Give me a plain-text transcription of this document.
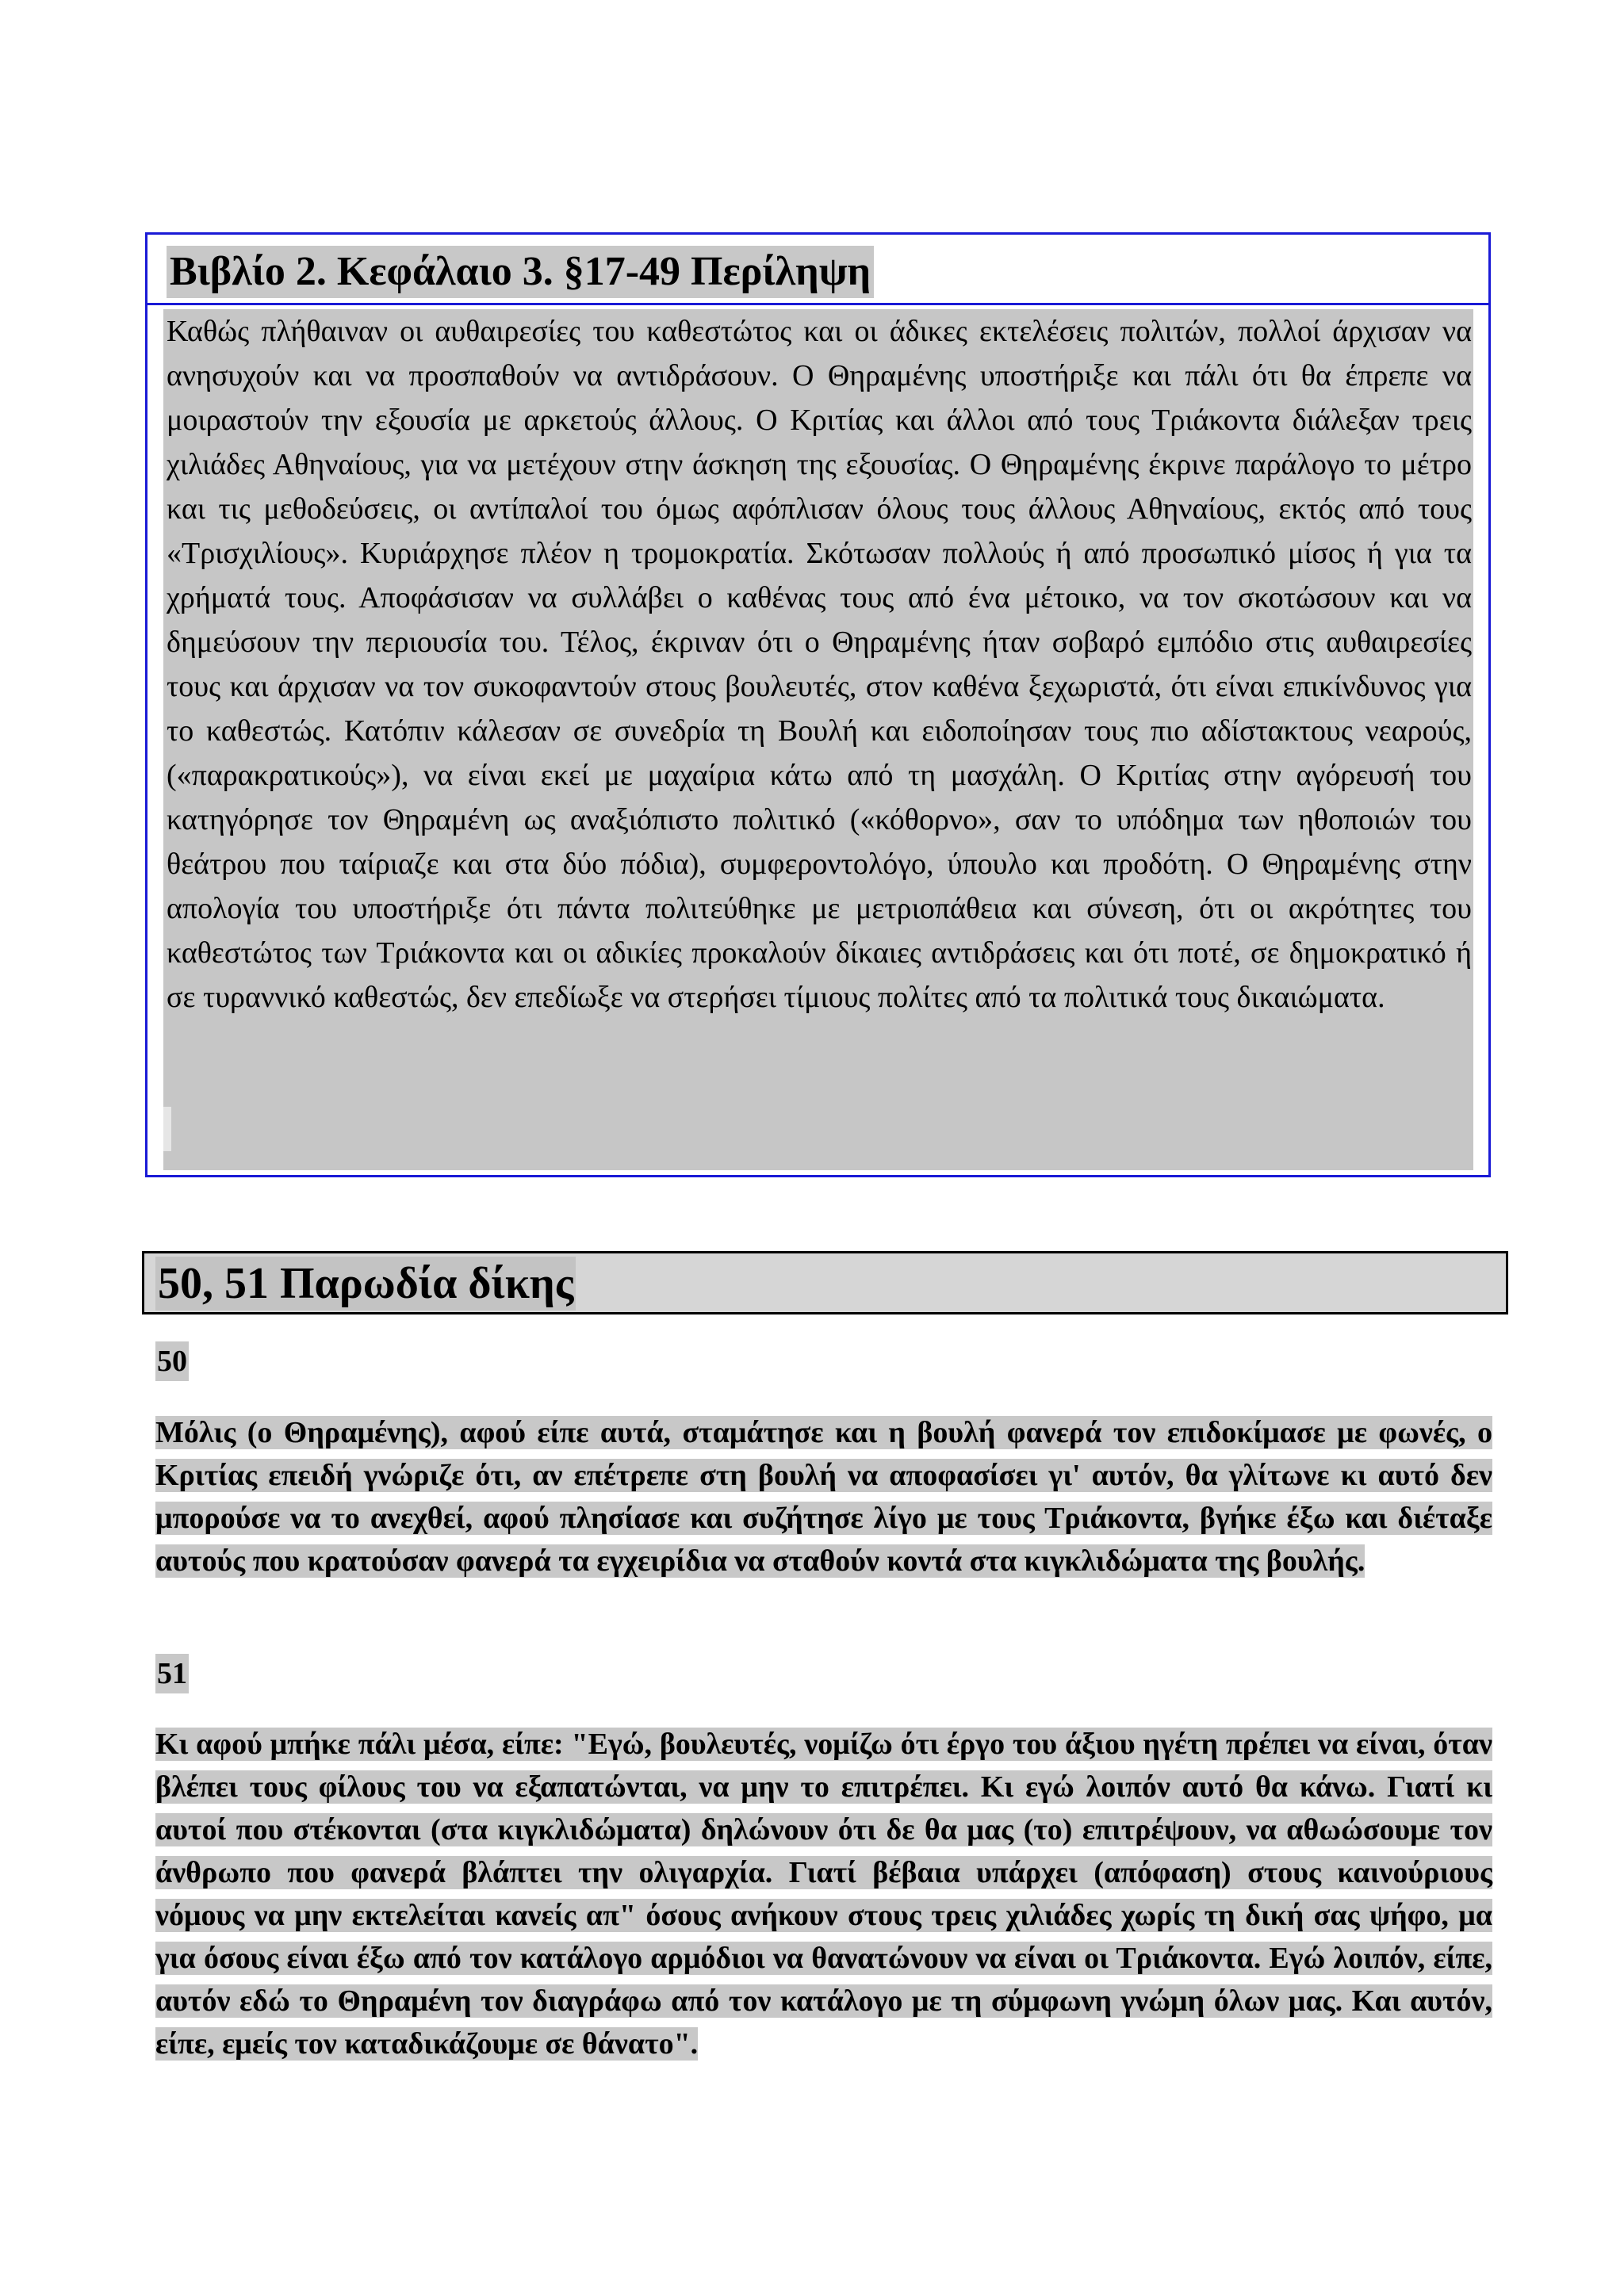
Βιβλίο 2. Κεφάλαιο 3. §17-49 Περίληψη
Καθώς πλήθαιναν οι αυθαιρεσίες του καθεστώτος και οι άδικες εκτελέσεις πολιτών, πολλοί άρχισαν να ανησυχούν και να προσπαθούν να αντιδράσουν. Ο Θηραμένης υποστήριξε και πάλι ότι θα έπρεπε να μοιραστούν την εξουσία με αρκετούς άλλους. Ο Κριτίας και άλλοι από τους Τριάκοντα διάλεξαν τρεις χιλιάδες Αθηναίους, για να μετέχουν στην άσκηση της εξουσίας. Ο Θηραμένης έκρινε παράλογο το μέτρο και τις μεθοδεύσεις, οι αντίπαλοί του όμως αφόπλισαν όλους τους άλλους Αθηναίους, εκτός από τους «Τρισχιλίους». Κυριάρχησε πλέον η τρομοκρατία. Σκότωσαν πολλούς ή από προσωπικό μίσος ή για τα χρήματά τους. Αποφάσισαν να συλλάβει ο καθένας τους από ένα μέτοικο, να τον σκοτώσουν και να δημεύσουν την περιουσία του. Τέλος, έκριναν ότι ο Θηραμένης ήταν σοβαρό εμπόδιο στις αυθαιρεσίες τους και άρχισαν να τον συκοφαντούν στους βουλευτές, στον καθένα ξεχωριστά, ότι είναι επικίνδυνος για το καθεστώς. Κατόπιν κάλεσαν σε συνεδρία τη Βουλή και ειδοποίησαν τους πιο αδίστακτους νεαρούς, («παρακρατικούς»), να είναι εκεί με μαχαίρια κάτω από τη μασχάλη. Ο Κριτίας στην αγόρευσή του κατηγόρησε τον Θηραμένη ως αναξιόπιστο πολιτικό («κόθορνο», σαν το υπόδημα των ηθοποιών του θεάτρου που ταίριαζε και στα δύο πόδια), συμφεροντολόγο, ύπουλο και προδότη. Ο Θηραμένης στην απολογία του υποστήριξε ότι πάντα πολιτεύθηκε με μετριοπάθεια και σύνεση, ότι οι ακρότητες του καθεστώτος των Τριάκοντα και οι αδικίες προκαλούν δίκαιες αντιδράσεις και ότι ποτέ, σε δημοκρατικό ή σε τυραννικό καθεστώς, δεν επεδίωξε να στερήσει τίμιους πολίτες από τα πολιτικά τους δικαιώματα.
50, 51 Παρωδία δίκης
50
Μόλις (ο Θηραμένης), αφού είπε αυτά, σταμάτησε και η βουλή φανερά τον επιδοκίμασε με φωνές, ο Κριτίας επειδή γνώριζε ότι, αν επέτρεπε στη βουλή να αποφασίσει γι' αυτόν, θα γλίτωνε κι αυτό δεν μπορούσε να το ανεχθεί, αφού πλησίασε και συζήτησε λίγο με τους Τριάκοντα, βγήκε έξω και διέταξε αυτούς που κρατούσαν φανερά τα εγχειρίδια να σταθούν κοντά στα κιγκλιδώματα της βουλής.
51
Κι αφού μπήκε πάλι μέσα, είπε: "Εγώ, βουλευτές, νομίζω ότι έργο του άξιου ηγέτη πρέπει να είναι, όταν βλέπει τους φίλους του να εξαπατώνται, να μην το επιτρέπει. Κι εγώ λοιπόν αυτό θα κάνω. Γιατί κι αυτοί που στέκονται (στα κιγκλιδώματα) δηλώνουν ότι δε θα μας (το) επιτρέψουν, να αθωώσουμε τον άνθρωπο που φανερά βλάπτει την ολιγαρχία. Γιατί βέβαια υπάρχει (απόφαση) στους καινούριους νόμους να μην εκτελείται κανείς απ" όσους ανήκουν στους τρεις χιλιάδες χωρίς τη δική σας ψήφο, μα για όσους είναι έξω από τον κατάλογο αρμόδιοι να θανατώνουν να είναι οι Τριάκοντα. Εγώ λοιπόν, είπε, αυτόν εδώ το Θηραμένη τον διαγράφω από τον κατάλογο με τη σύμφωνη γνώμη όλων μας. Και αυτόν, είπε, εμείς τον καταδικάζουμε σε θάνατο".
